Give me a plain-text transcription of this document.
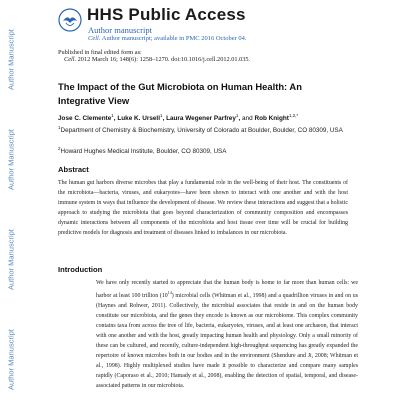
Author Manuscript
Author Manuscript
Author Manuscript
Author Manuscript
HHS Public Access
Author manuscript
Cell. Author manuscript; available in PMC 2016 October 04.
Published in final edited form as:
Cell. 2012 March 16; 148(6): 1258–1270. doi:10.1016/j.cell.2012.01.035.
The Impact of the Gut Microbiota on Human Health: An Integrative View
Jose C. Clemente$^1$, Luke K. Ursell$^1$, Laura Wegener Parfrey$^1$, and Rob Knight$^{1,2,*}$
$^1$Department of Chemistry & Biochemistry, University of Colorado at Boulder, Boulder, CO 80309, USA
$^2$Howard Hughes Medical Institute, Boulder, CO 80309, USA
Abstract
The human gut harbors diverse microbes that play a fundamental role in the well-being of their host. The constituents of the microbiota—bacteria, viruses, and eukaryotes—have been shown to interact with one another and with the host immune system in ways that influence the development of disease. We review these interactions and suggest that a holistic approach to studying the microbiota that goes beyond characterization of community composition and encompasses dynamic interactions between all components of the microbiota and host tissue over time will be crucial for building predictive models for diagnosis and treatment of diseases linked to imbalances in our microbiota.
Introduction
We have only recently started to appreciate that the human body is home to far more than human cells: we harbor at least 100 trillion $(10^{14})$ microbial cells (Whitman et al., 1998) and a quadrillion viruses in and on us (Haynes and Rohwer, 2011). Collectively, the microbial associates that reside in and on the human body constitute our microbiota, and the genes they encode is known as our microbiome. This complex community contains taxa from across the tree of life, bacteria, eukaryotes, viruses, and at least one archaeon, that interact with one another and with the host, greatly impacting human health and physiology. Only a small minority of these can be cultured, and recently, culture-independent high-throughput sequencing has greatly expanded the repertoire of known microbes both in our bodies and in the environment (Shendure and Ji, 2008; Whitman et al., 1998). Highly multiplexed studies have made it possible to characterize and compare many samples rapidly (Caporaso et al., 2010; Hamady et al., 2008), enabling the detection of spatial, temporal, and disease-associated patterns in our microbiota.
